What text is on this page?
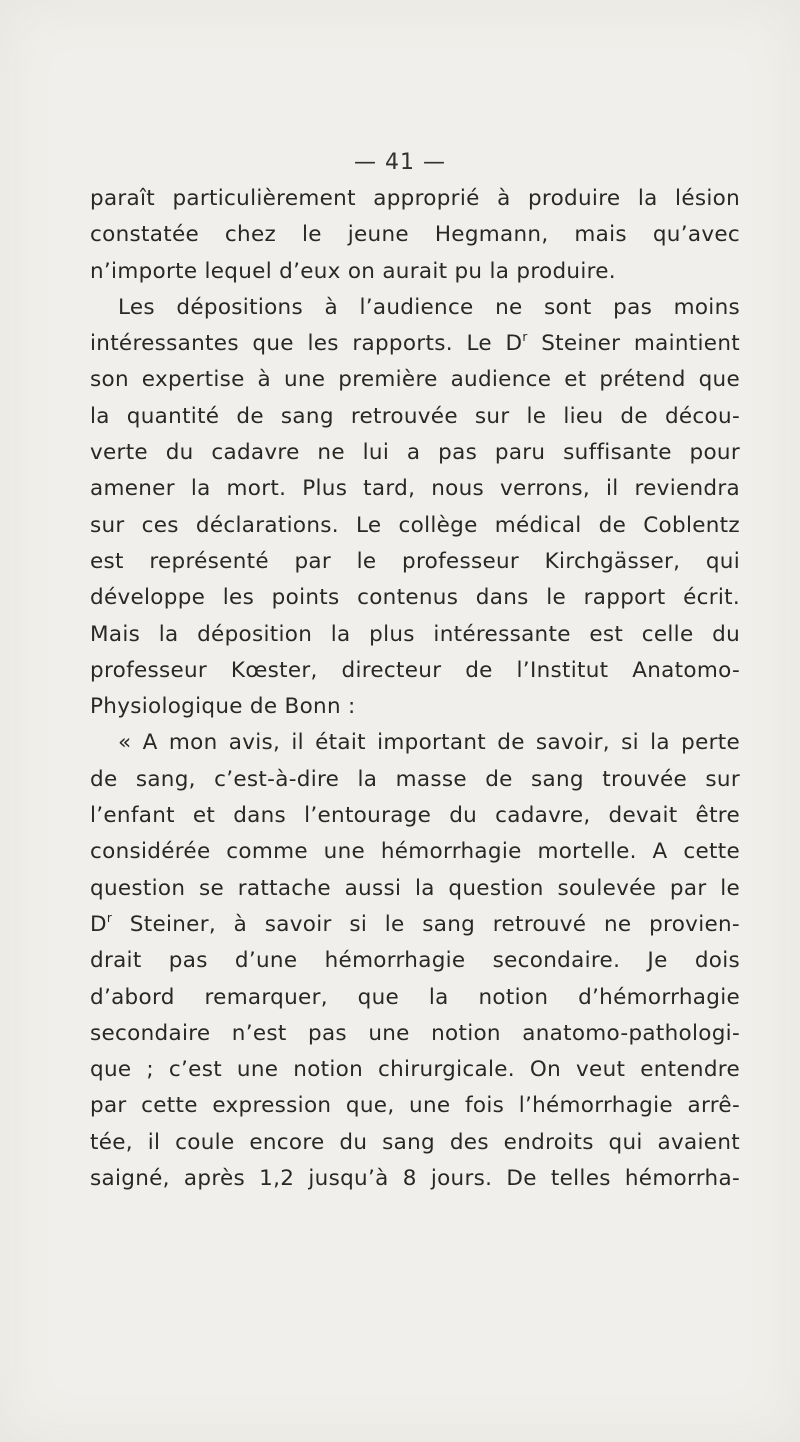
— 41 —
paraît particulièrement approprié à produire la lésion
constatée chez le jeune Hegmann, mais qu’avec
n’importe lequel d’eux on aurait pu la produire.
Les dépositions à l’audience ne sont pas moins
intéressantes que les rapports. Le $D^r$ Steiner maintient
son expertise à une première audience et prétend que
la quantité de sang retrouvée sur le lieu de décou-
verte du cadavre ne lui a pas paru suffisante pour
amener la mort. Plus tard, nous verrons, il reviendra
sur ces déclarations. Le collège médical de Coblentz
est représenté par le professeur Kirchgässer, qui
développe les points contenus dans le rapport écrit.
Mais la déposition la plus intéressante est celle du
professeur Kœster, directeur de l’Institut Anatomo-
Physiologique de Bonn :
« A mon avis, il était important de savoir, si la perte
de sang, c’est-à-dire la masse de sang trouvée sur
l’enfant et dans l’entourage du cadavre, devait être
considérée comme une hémorrhagie mortelle. A cette
question se rattache aussi la question soulevée par le
$D^r$ Steiner, à savoir si le sang retrouvé ne provien-
drait pas d’une hémorrhagie secondaire. Je dois
d’abord remarquer, que la notion d’hémorrhagie
secondaire n’est pas une notion anatomo-pathologi-
que ; c’est une notion chirurgicale. On veut entendre
par cette expression que, une fois l’hémorrhagie arrê-
tée, il coule encore du sang des endroits qui avaient
saigné, après 1,2 jusqu’à 8 jours. De telles hémorrha-
